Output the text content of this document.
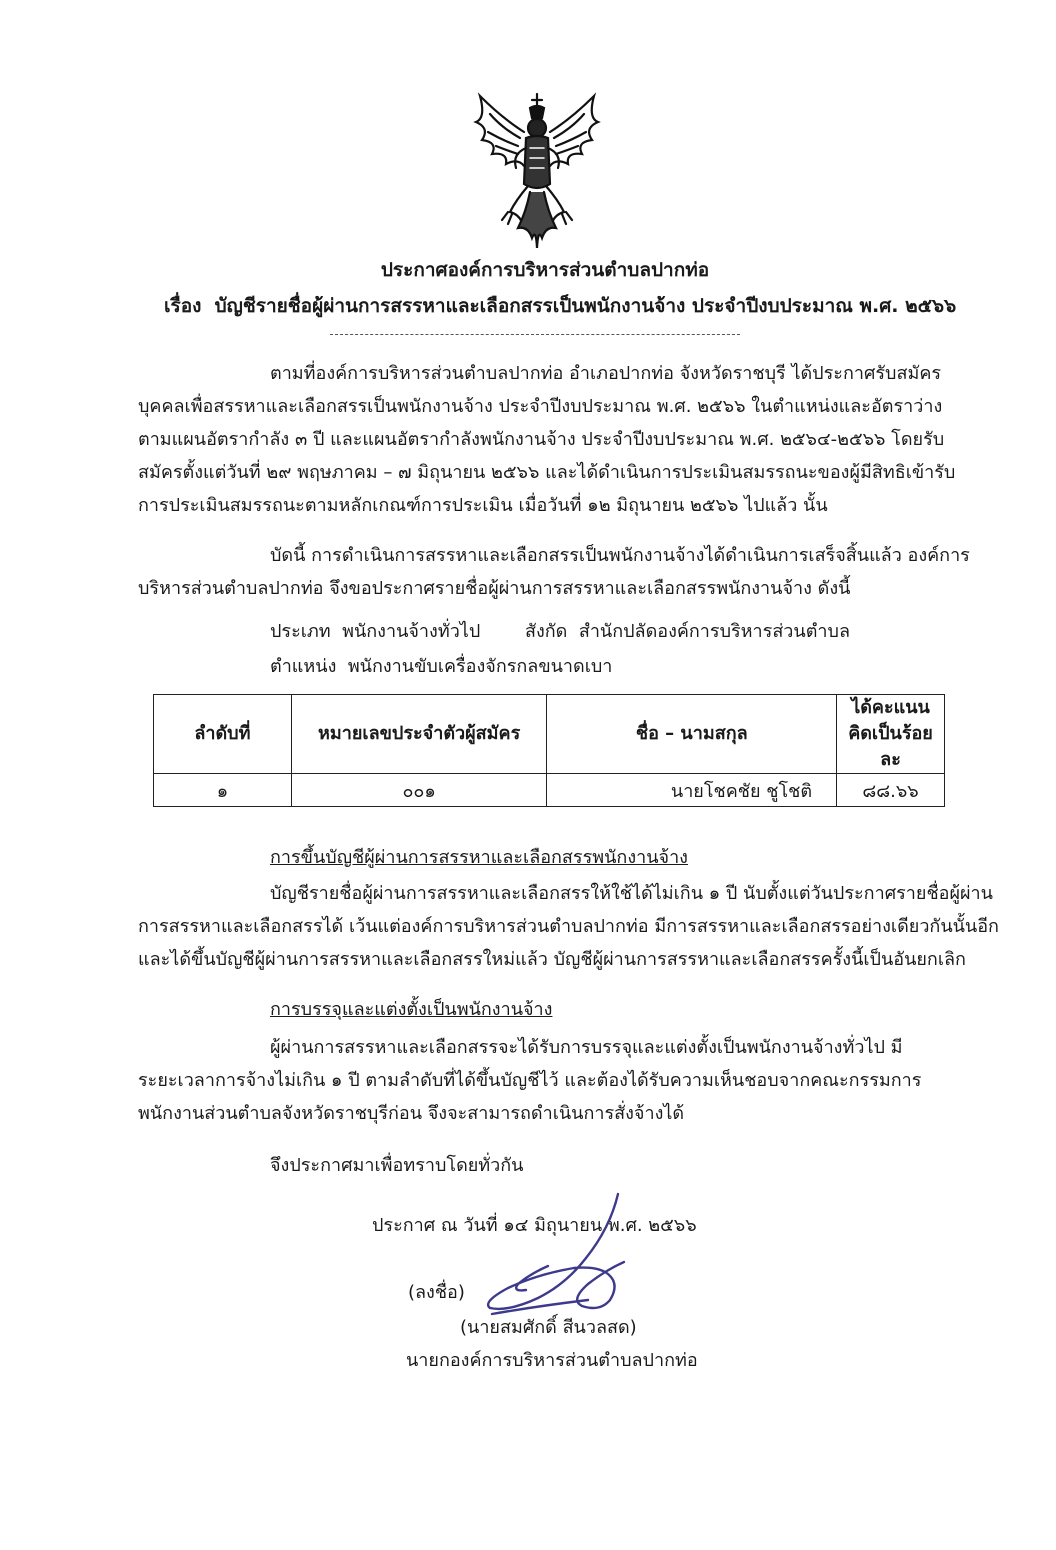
ประกาศองค์การบริหารส่วนตำบลปากท่อ
เรื่อง บัญชีรายชื่อผู้ผ่านการสรรหาและเลือกสรรเป็นพนักงานจ้าง ประจำปีงบประมาณ พ.ศ. ๒๕๖๖
ตามที่องค์การบริหารส่วนตำบลปากท่อ อำเภอปากท่อ จังหวัดราชบุรี ได้ประกาศรับสมัคร
บุคคลเพื่อสรรหาและเลือกสรรเป็นพนักงานจ้าง ประจำปีงบประมาณ พ.ศ. ๒๕๖๖ ในตำแหน่งและอัตราว่าง
ตามแผนอัตรากำลัง ๓ ปี และแผนอัตรากำลังพนักงานจ้าง ประจำปีงบประมาณ พ.ศ. ๒๕๖๔-๒๕๖๖ โดยรับ
สมัครตั้งแต่วันที่ ๒๙ พฤษภาคม – ๗ มิถุนายน ๒๕๖๖ และได้ดำเนินการประเมินสมรรถนะของผู้มีสิทธิเข้ารับ
การประเมินสมรรถนะตามหลักเกณฑ์การประเมิน เมื่อวันที่ ๑๒ มิถุนายน ๒๕๖๖ ไปแล้ว นั้น
บัดนี้ การดำเนินการสรรหาและเลือกสรรเป็นพนักงานจ้างได้ดำเนินการเสร็จสิ้นแล้ว องค์การ
บริหารส่วนตำบลปากท่อ จึงขอประกาศรายชื่อผู้ผ่านการสรรหาและเลือกสรรพนักงานจ้าง ดังนี้
ประเภท พนักงานจ้างทั่วไป สังกัด สำนักปลัดองค์การบริหารส่วนตำบล
ตำแหน่ง พนักงานขับเครื่องจักรกลขนาดเบา
ลำดับที่	หมายเลขประจำตัวผู้สมัคร	ชื่อ – นามสกุล	ได้คะแนน
คิดเป็นร้อยละ
๑	๐๐๑	นายโชคชัย ชูโชติ	๘๘.๖๖
การขึ้นบัญชีผู้ผ่านการสรรหาและเลือกสรรพนักงานจ้าง
บัญชีรายชื่อผู้ผ่านการสรรหาและเลือกสรรให้ใช้ได้ไม่เกิน ๑ ปี นับตั้งแต่วันประกาศรายชื่อผู้ผ่าน
การสรรหาและเลือกสรรได้ เว้นแต่องค์การบริหารส่วนตำบลปากท่อ มีการสรรหาและเลือกสรรอย่างเดียวกันนั้นอีก
และได้ขึ้นบัญชีผู้ผ่านการสรรหาและเลือกสรรใหม่แล้ว บัญชีผู้ผ่านการสรรหาและเลือกสรรครั้งนี้เป็นอันยกเลิก
การบรรจุและแต่งตั้งเป็นพนักงานจ้าง
ผู้ผ่านการสรรหาและเลือกสรรจะได้รับการบรรจุและแต่งตั้งเป็นพนักงานจ้างทั่วไป มี
ระยะเวลาการจ้างไม่เกิน ๑ ปี ตามลำดับที่ได้ขึ้นบัญชีไว้ และต้องได้รับความเห็นชอบจากคณะกรรมการ
พนักงานส่วนตำบลจังหวัดราชบุรีก่อน จึงจะสามารถดำเนินการสั่งจ้างได้
จึงประกาศมาเพื่อทราบโดยทั่วกัน
ประกาศ ณ วันที่ ๑๔ มิถุนายน พ.ศ. ๒๕๖๖
(ลงชื่อ)
(นายสมศักดิ์ สีนวลสด)
นายกองค์การบริหารส่วนตำบลปากท่อ
